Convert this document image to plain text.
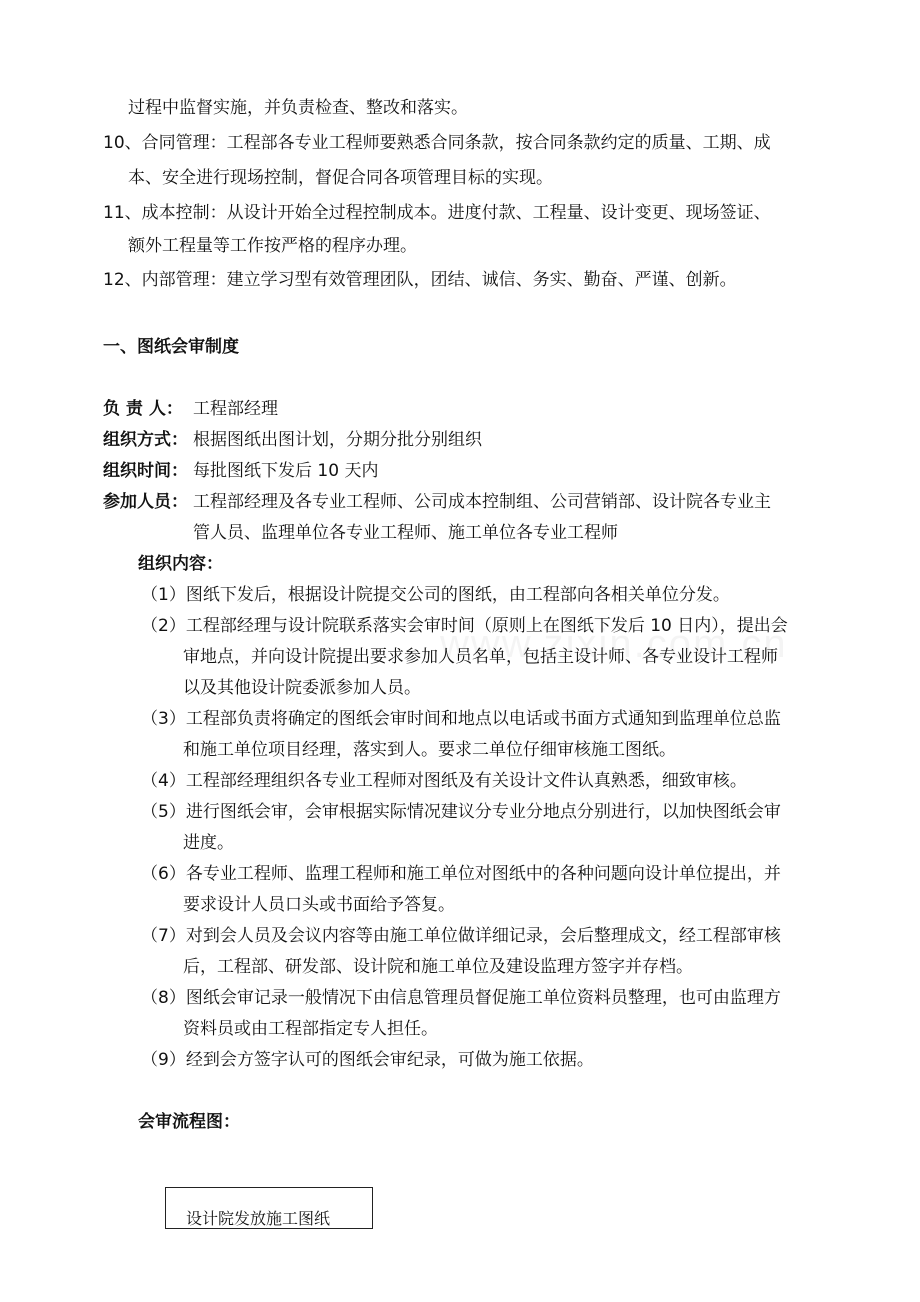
过程中监督实施，并负责检查、整改和落实。
10、合同管理：工程部各专业工程师要熟悉合同条款，按合同条款约定的质量、工期、成
本、安全进行现场控制，督促合同各项管理目标的实现。
11、成本控制：从设计开始全过程控制成本。进度付款、工程量、设计变更、现场签证、
额外工程量等工作按严格的程序办理。
12、内部管理：建立学习型有效管理团队，团结、诚信、务实、勤奋、严谨、创新。
一、图纸会审制度
负 责 人： 工程部经理
组织方式： 根据图纸出图计划，分期分批分别组织
组织时间： 每批图纸下发后 10 天内
参加人员： 工程部经理及各专业工程师、公司成本控制组、公司营销部、设计院各专业主
管人员、监理单位各专业工程师、施工单位各专业工程师
组织内容：
（1）图纸下发后，根据设计院提交公司的图纸，由工程部向各相关单位分发。
（2）工程部经理与设计院联系落实会审时间（原则上在图纸下发后 10 日内），提出会
审地点，并向设计院提出要求参加人员名单，包括主设计师、各专业设计工程师
以及其他设计院委派参加人员。
（3）工程部负责将确定的图纸会审时间和地点以电话或书面方式通知到监理单位总监
和施工单位项目经理，落实到人。要求二单位仔细审核施工图纸。
（4）工程部经理组织各专业工程师对图纸及有关设计文件认真熟悉，细致审核。
（5）进行图纸会审，会审根据实际情况建议分专业分地点分别进行，以加快图纸会审
进度。
（6）各专业工程师、监理工程师和施工单位对图纸中的各种问题向设计单位提出，并
要求设计人员口头或书面给予答复。
（7）对到会人员及会议内容等由施工单位做详细记录，会后整理成文，经工程部审核
后，工程部、研发部、设计院和施工单位及建设监理方签字并存档。
（8）图纸会审记录一般情况下由信息管理员督促施工单位资料员整理，也可由监理方
资料员或由工程部指定专人担任。
（9）经到会方签字认可的图纸会审纪录，可做为施工依据。
会审流程图：
设计院发放施工图纸
